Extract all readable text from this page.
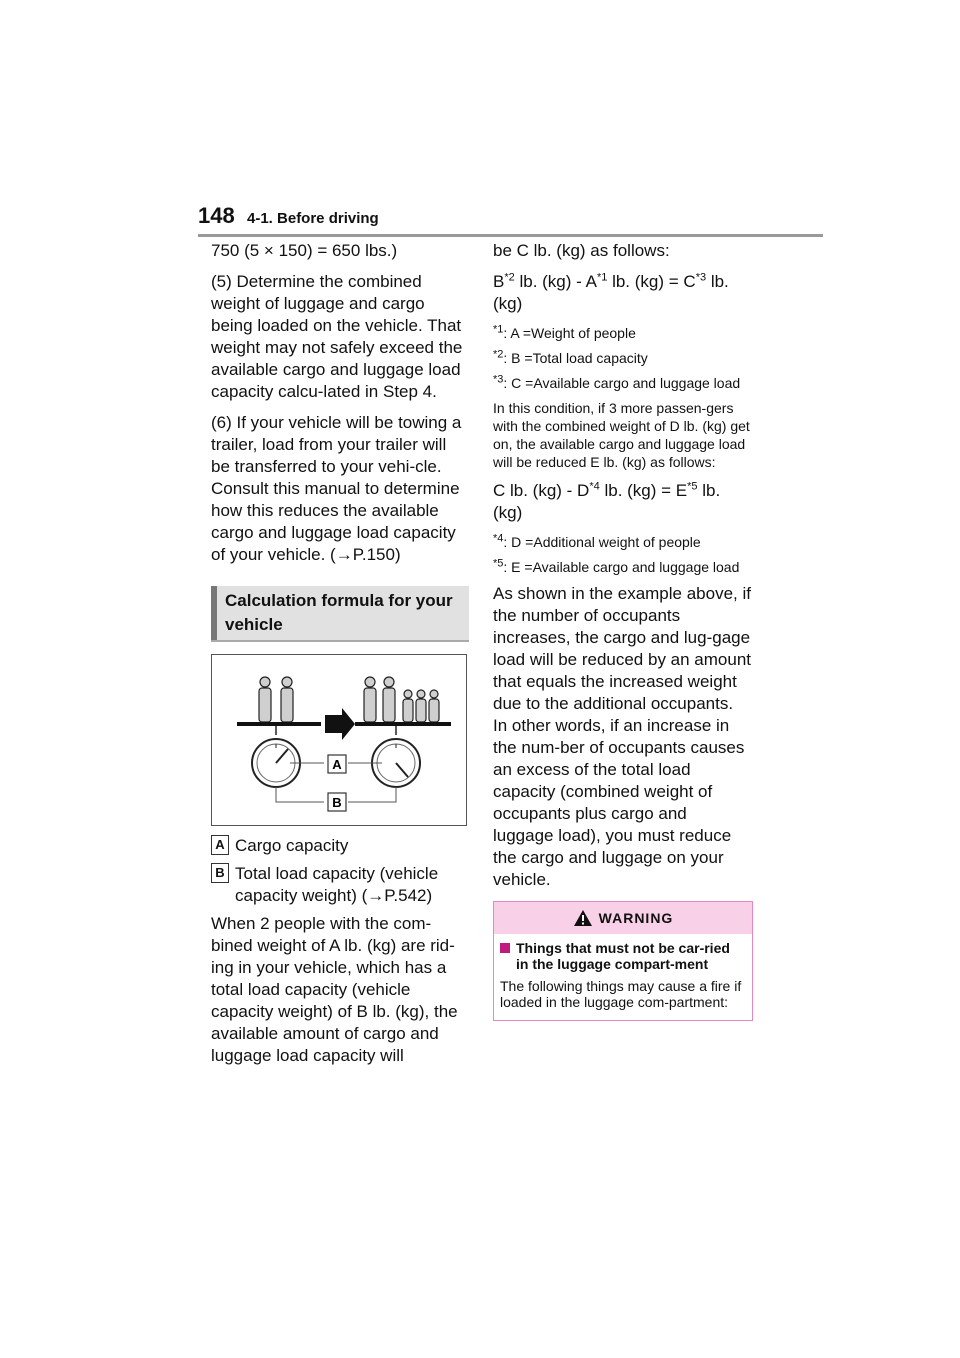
148 4-1. Before driving

750 (5 × 150) = 650 lbs.)

(5) Determine the combined weight of luggage and cargo being loaded on the vehicle. That weight may not safely exceed the available cargo and luggage load capacity calcu-lated in Step 4.

(6) If your vehicle will be towing a trailer, load from your trailer will be transferred to your vehi-cle. Consult this manual to determine how this reduces the available cargo and luggage load capacity of your vehicle. (→P.150)

Calculation formula for your vehicle
A
B
A Cargo capacity
B Total load capacity (vehicle capacity weight) (→P.542)

When 2 people with the com-bined weight of A lb. (kg) are rid-ing in your vehicle, which has a total load capacity (vehicle capacity weight) of B lb. (kg), the available amount of cargo and luggage load capacity will

be C lb. (kg) as follows:

$B^{*2}$ lb. $(kg) - A^{*1}$ lb. $(kg) = C^{*3}$ lb. (kg)

$^{*1}$: A =Weight of people

$^{*2}$: B =Total load capacity

$^{*3}$: C =Available cargo and luggage load

In this condition, if 3 more passen-gers with the combined weight of D lb. (kg) get on, the available cargo and luggage load will be reduced E lb. (kg) as follows:

C lb. $(kg) - D^{*4}$ lb. $(kg) = E^{*5}$ lb. (kg)

$^{*4}$: D =Additional weight of people

$^{*5}$: E =Available cargo and luggage load

As shown in the example above, if the number of occupants increases, the cargo and lug-gage load will be reduced by an amount that equals the increased weight due to the additional occupants. In other words, if an increase in the num-ber of occupants causes an excess of the total load capacity (combined weight of occupants plus cargo and luggage load), you must reduce the cargo and luggage on your vehicle.

WARNING
Things that must not be car-ried in the luggage compart-ment

The following things may cause a fire if loaded in the luggage com-partment:
